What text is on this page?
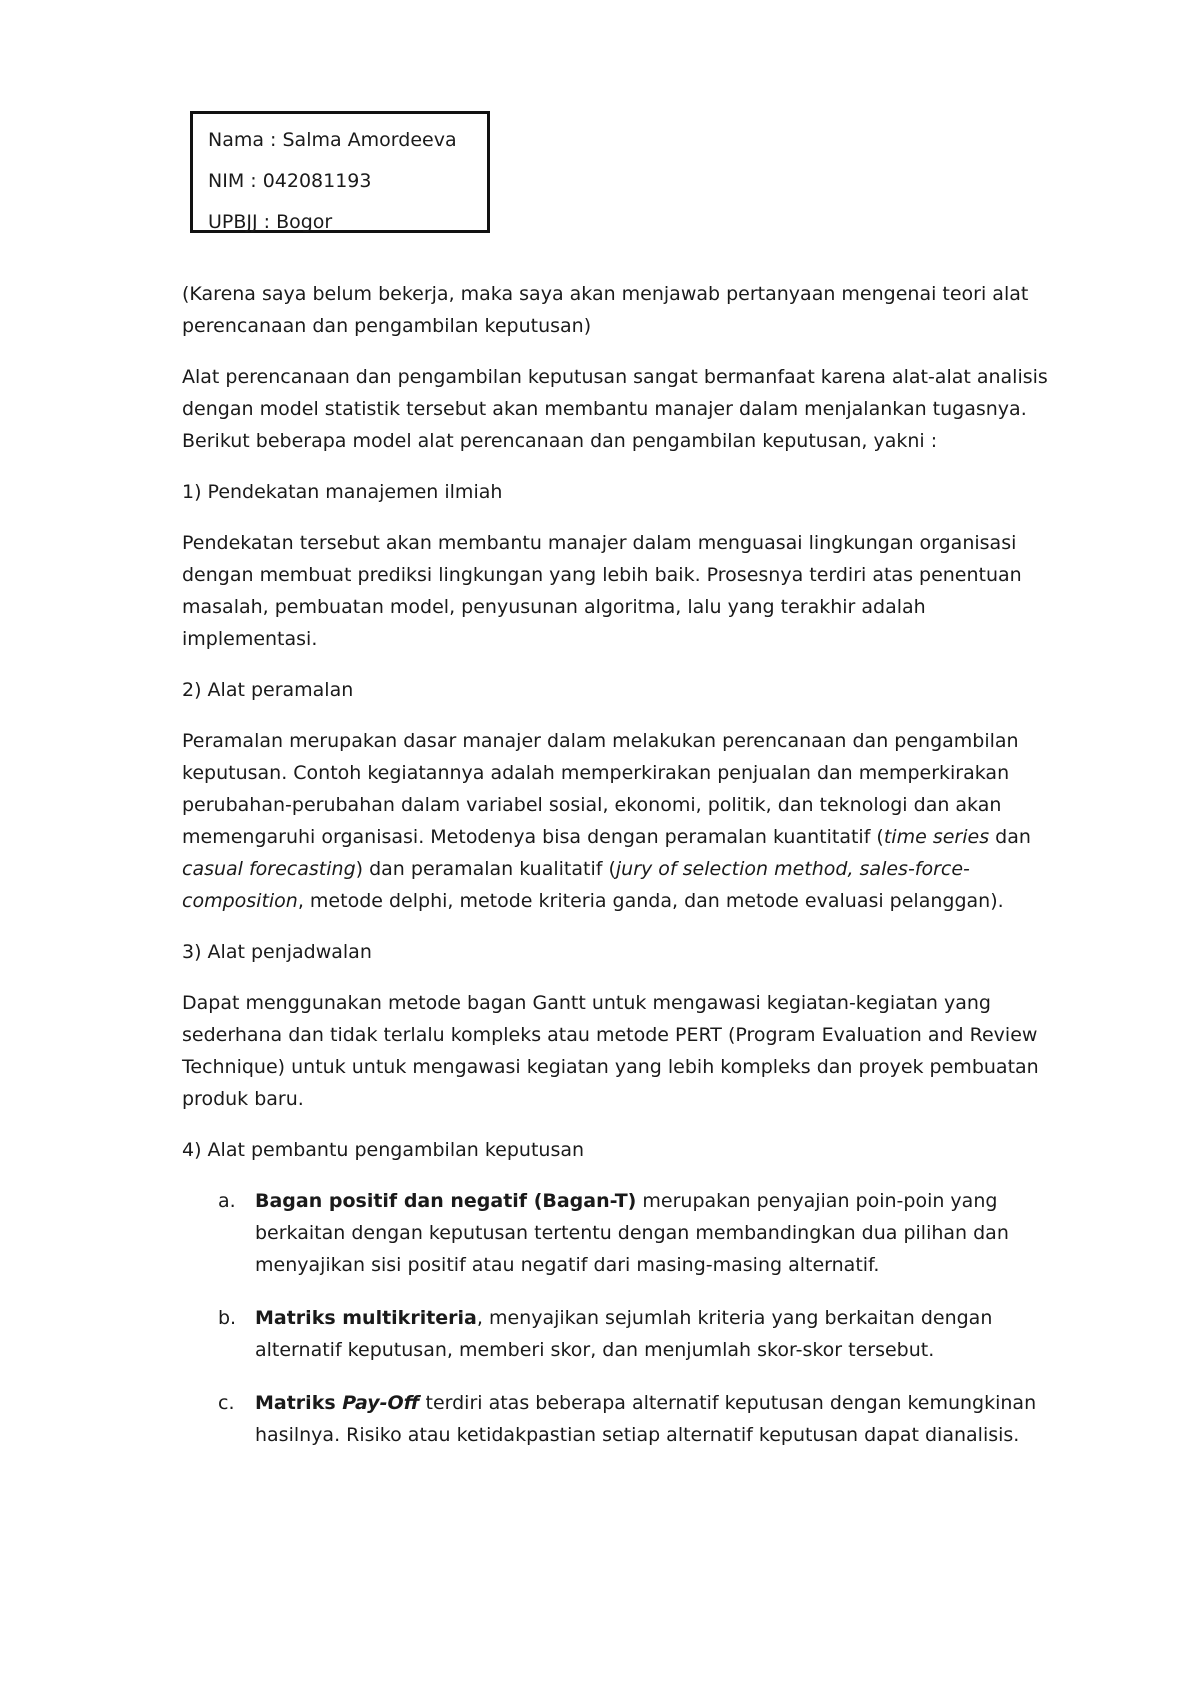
Nama : Salma Amordeeva
NIM : 042081193
UPBJJ : Bogor

(Karena saya belum bekerja, maka saya akan menjawab pertanyaan mengenai teori alat perencanaan dan pengambilan keputusan)

Alat perencanaan dan pengambilan keputusan sangat bermanfaat karena alat-alat analisis dengan model statistik tersebut akan membantu manajer dalam menjalankan tugasnya. Berikut beberapa model alat perencanaan dan pengambilan keputusan, yakni :

1) Pendekatan manajemen ilmiah

Pendekatan tersebut akan membantu manajer dalam menguasai lingkungan organisasi dengan membuat prediksi lingkungan yang lebih baik. Prosesnya terdiri atas penentuan masalah, pembuatan model, penyusunan algoritma, lalu yang terakhir adalah implementasi.

2) Alat peramalan

Peramalan merupakan dasar manajer dalam melakukan perencanaan dan pengambilan keputusan. Contoh kegiatannya adalah memperkirakan penjualan dan memperkirakan perubahan-perubahan dalam variabel sosial, ekonomi, politik, dan teknologi dan akan memengaruhi organisasi. Metodenya bisa dengan peramalan kuantitatif (time series dan casual forecasting) dan peramalan kualitatif (jury of selection method, sales-force-composition, metode delphi, metode kriteria ganda, dan metode evaluasi pelanggan).

3) Alat penjadwalan

Dapat menggunakan metode bagan Gantt untuk mengawasi kegiatan-kegiatan yang sederhana dan tidak terlalu kompleks atau metode PERT (Program Evaluation and Review Technique) untuk untuk mengawasi kegiatan yang lebih kompleks dan proyek pembuatan produk baru.

4) Alat pembantu pengambilan keputusan

a. Bagan positif dan negatif (Bagan-T) merupakan penyajian poin-poin yang berkaitan dengan keputusan tertentu dengan membandingkan dua pilihan dan menyajikan sisi positif atau negatif dari masing-masing alternatif.
b. Matriks multikriteria, menyajikan sejumlah kriteria yang berkaitan dengan alternatif keputusan, memberi skor, dan menjumlah skor-skor tersebut.
c. Matriks Pay-Off terdiri atas beberapa alternatif keputusan dengan kemungkinan hasilnya. Risiko atau ketidakpastian setiap alternatif keputusan dapat dianalisis.
